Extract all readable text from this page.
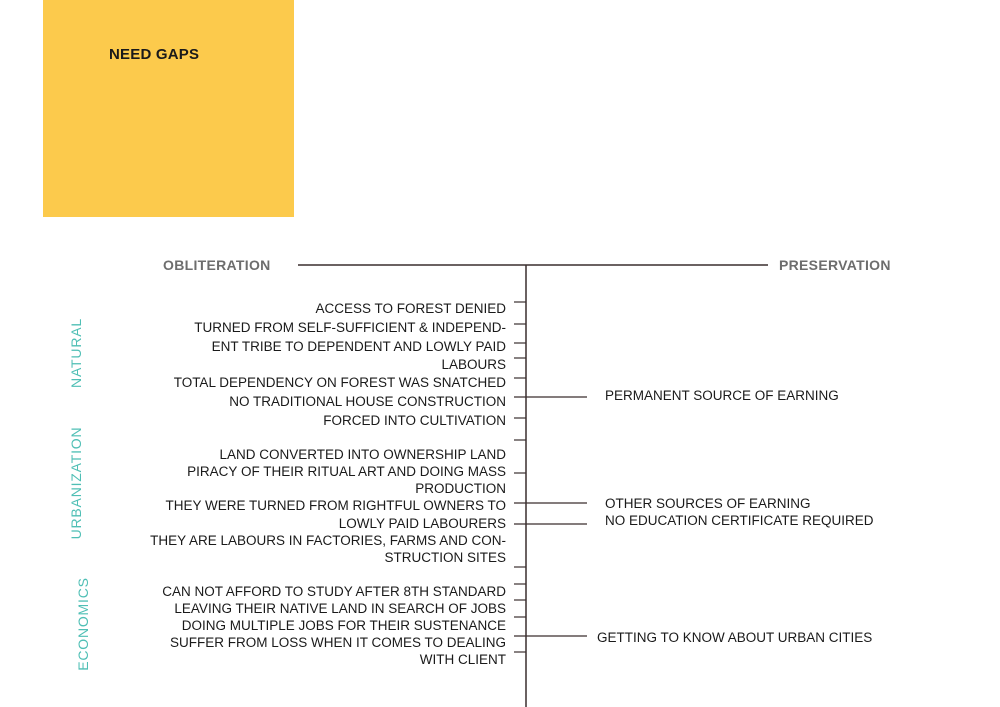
NEED GAPS
OBLITERATION	PRESERVATION
NATURAL
URBANIZATION
ECONOMICS
ACCESS TO FOREST DENIED
TURNED FROM SELF-SUFFICIENT & INDEPEND-
ENT TRIBE TO DEPENDENT AND LOWLY PAID
LABOURS
TOTAL DEPENDENCY ON FOREST WAS SNATCHED
NO TRADITIONAL HOUSE CONSTRUCTION
FORCED INTO CULTIVATION
LAND CONVERTED INTO OWNERSHIP LAND
PIRACY OF THEIR RITUAL ART AND DOING MASS
PRODUCTION
THEY WERE TURNED FROM RIGHTFUL OWNERS TO
LOWLY PAID LABOURERS
THEY ARE LABOURS IN FACTORIES, FARMS AND CON-
STRUCTION SITES
CAN NOT AFFORD TO STUDY AFTER 8TH STANDARD
LEAVING THEIR NATIVE LAND IN SEARCH OF JOBS
DOING MULTIPLE JOBS FOR THEIR SUSTENANCE
SUFFER FROM LOSS WHEN IT COMES TO DEALING
WITH CLIENT
PERMANENT SOURCE OF EARNING
OTHER SOURCES OF EARNING
NO EDUCATION CERTIFICATE REQUIRED
GETTING TO KNOW ABOUT URBAN CITIES
